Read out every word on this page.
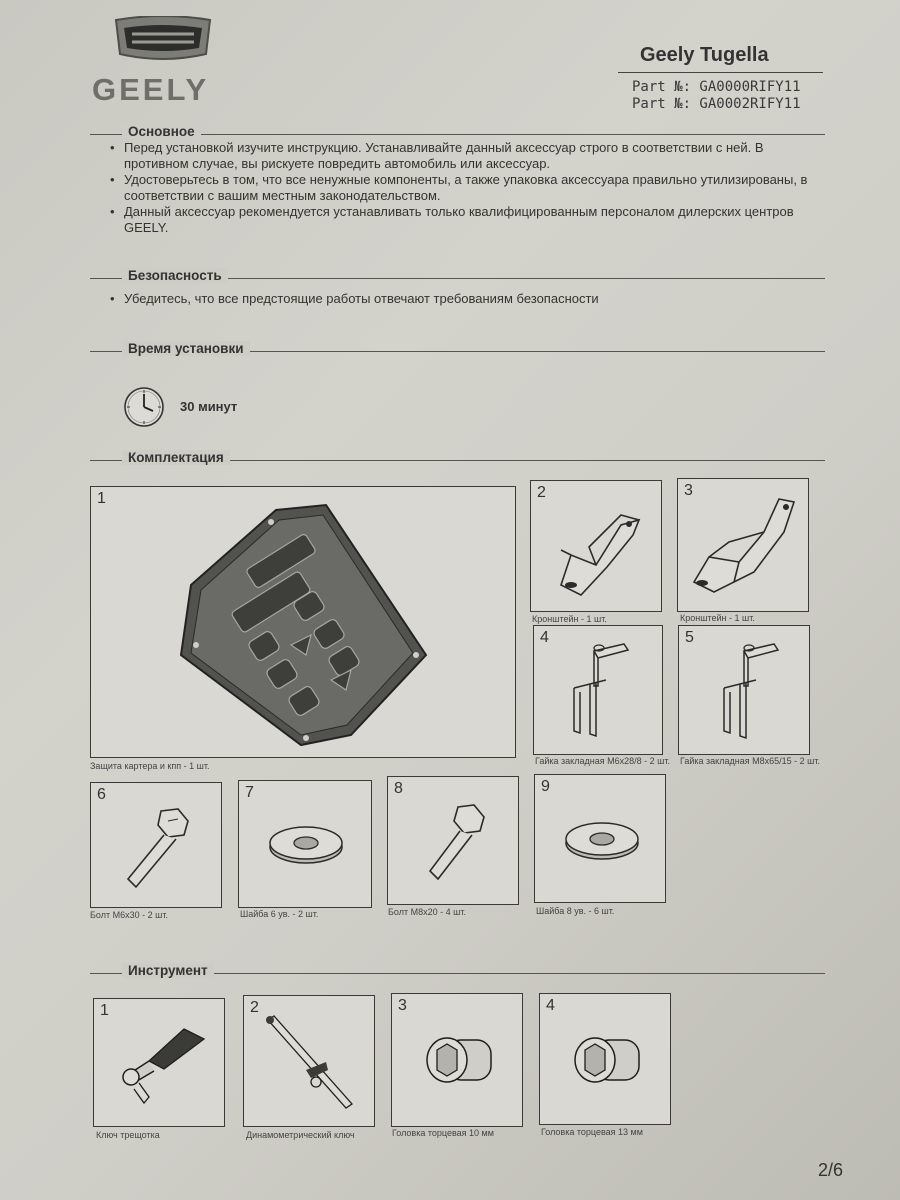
GEELY
Geely Tugella
Part №: GA0000RIFY11
Part №: GA0002RIFY11
Основное

• Перед установкой изучите инструкцию. Устанавливайте данный аксессуар строго в соответствии с ней. В противном случае, вы рискуете повредить автомобиль или аксессуар.

• Удостоверьтесь в том, что все ненужные компоненты, а также упаковка аксессуара правильно утилизированы, в соответствии с вашим местным законодательством.

• Данный аксессуар рекомендуется устанавливать только квалифицированным персоналом дилерских центров GEELY.

Безопасность

• Убедитесь, что все предстоящие работы отвечают требованиям безопасности

Время установки
30 минут
Комплектация
1
Защита картера и кпп - 1 шт.
2
Кронштейн - 1 шт.
3
Кронштейн - 1 шт.
4
Гайка закладная М6х28/8 - 2 шт.
5
Гайка закладная М8х65/15 - 2 шт.
6
Болт М6х30 - 2 шт.
7
Шайба 6 ув. - 2 шт.
8
Болт М8х20 - 4 шт.
9
Шайба 8 ув. - 6 шт.
Инструмент
1
Ключ трещотка
2
Динамометрический ключ
3
Головка торцевая 10 мм
4
Головка торцевая 13 мм
2/6
